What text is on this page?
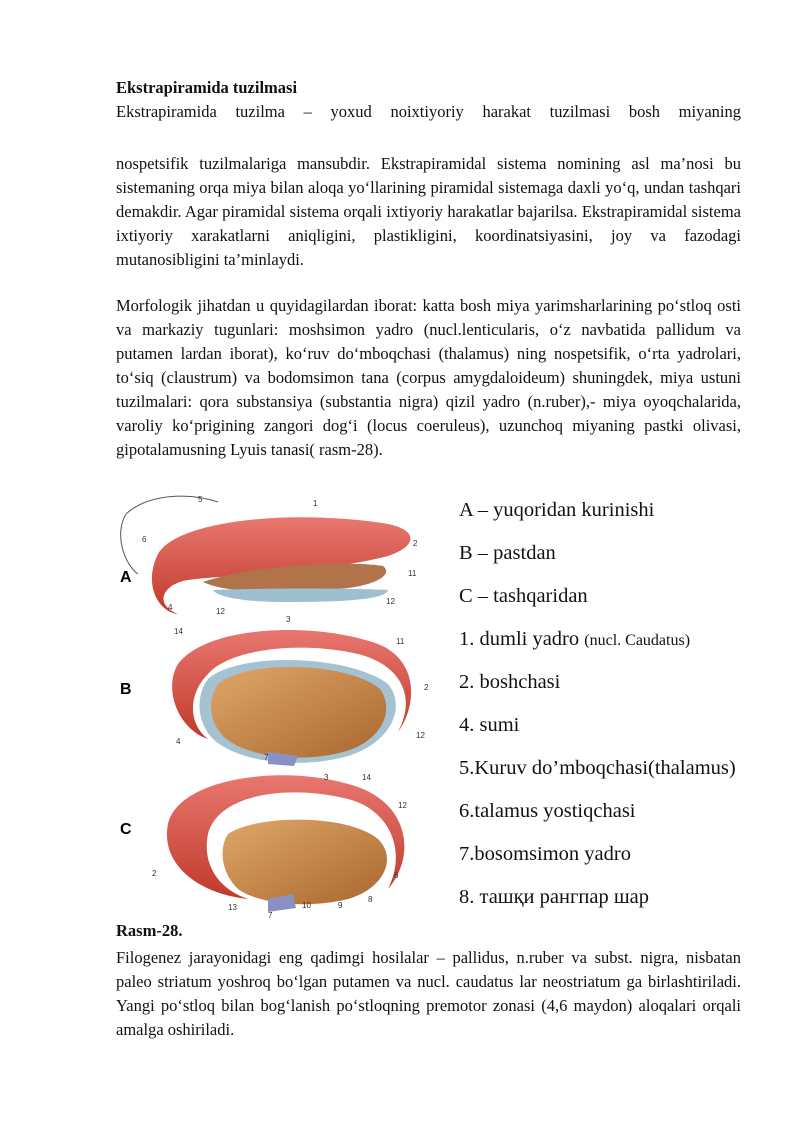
Ekstrapiramida tuzilmasi
Ekstrapiramida tuzilma – yoxud noixtiyoriy harakat tuzilmasi bosh miyaning
nospetsifik tuzilmalariga mansubdir. Ekstrapiramidal sistema nomining asl ma’nosi bu sistemaning orqa miya bilan aloqa yo‘llarining piramidal sistemaga daxli yo‘q, undan tashqari demakdir. Agar piramidal sistema orqali ixtiyoriy harakatlar bajarilsa. Ekstrapiramidal sistema ixtiyoriy xarakatlarni aniqligini, plastikligini, koordinatsiyasini, joy va fazodagi mutanosibligini ta’minlaydi.
Morfologik jihatdan u quyidagilardan iborat: katta bosh miya yarimsharlarining po‘stloq osti va markaziy tugunlari: moshsimon yadro (nucl.lenticularis, o‘z navbatida pallidum va putamen lardan iborat), ko‘ruv do‘mboqchasi (thalamus) ning nospetsifik, o‘rta yadrolari, to‘siq (claustrum) va bodomsimon tana (corpus amygdaloideum) shuningdek, miya ustuni tuzilmalari: qora substansiya (substantia nigra) qizil yadro (n.ruber),- miya oyoqchalarida, varoliy ko‘prigining zangori dog‘i (locus coeruleus), uzunchoq miyaning pastki olivasi, gipotalamusning Lyuis tanasi( rasm-28).
A
B
C
1
2
5
6
4
12
11
12
14
3
11
2
4
12
7
3	14
12
2	6
13
7
10	9
8
A – yuqoridan kurinishi
B – pastdan
C – tashqaridan
1. dumli yadro (nucl. Caudatus)
2. boshchasi
4. sumi
5.Kuruv do’mboqchasi(thalamus)
6.talamus yostiqchasi
7.bosomsimon yadro
8. ташқи рангпар шар
Rasm-28.
Filogenez jarayonidagi eng qadimgi hosilalar – pallidus, n.ruber va subst. nigra, nisbatan paleo striatum yoshroq bo‘lgan putamen va nucl. caudatus lar neostriatum ga birlashtiriladi. Yangi po‘stloq bilan bog‘lanish po‘stloqning premotor zonasi (4,6 maydon) aloqalari orqali amalga oshiriladi.
